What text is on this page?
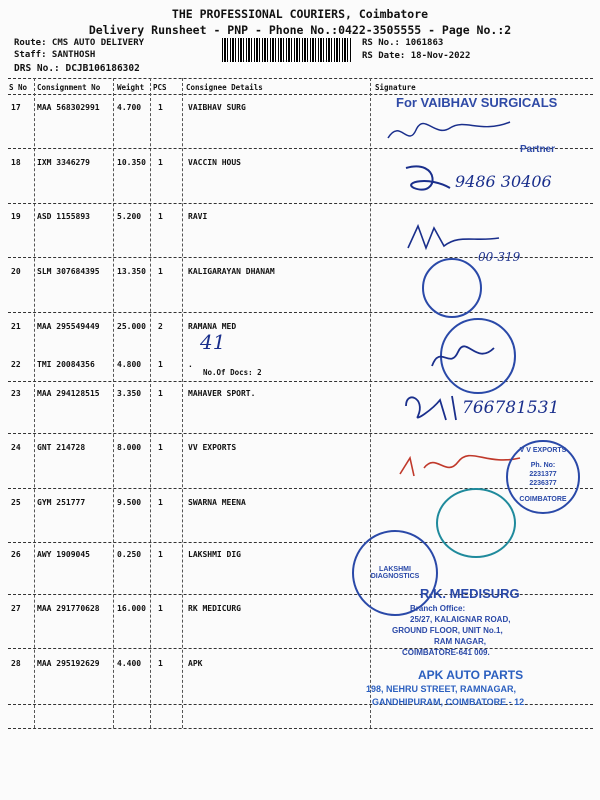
THE PROFESSIONAL COURIERS, Coimbatore
Delivery Runsheet - PNP - Phone No.:0422-3505555 - Page No.:2
Route: CMS AUTO DELIVERY
Staff: SANTHOSH
DRS No.: DCJB106186302
RS No.: 1061863
RS Date: 18-Nov-2022
S No Consignment No Weight PCS	Consignee Details	Signature
17 MAA 568302991 4.700 1	VAIBHAV SURG
18 IXM 3346279	10.350 1	VACCIN HOUS
19 ASD 1155893	5.200 1	RAVI
20 SLM 307684395 13.350 1	KALIGARAYAN DHANAM
21 MAA 295549449 25.000 2	RAMANA MED
22 TMI 20084356	4.800 1	.
No.Of Docs: 2
23 MAA 294128515 3.350 1	MAHAVER SPORT.
24 GNT 214728	8.000 1	VV EXPORTS
25 GYM 251777	9.500 1	SWARNA MEENA
26 AWY 1909045	0.250 1	LAKSHMI DIG
27 MAA 291770628 16.000 1	RK MEDICURG
28 MAA 295192629 4.400 1	APK
For VAIBHAV SURGICALS
Partner
9486 30406
00-319
41
766781531
V V EXPORTS
Ph. No:
2231377
2236377
COIMBATORE
LAKSHMI DIAGNOSTICS
R.K. MEDISURG
Branch Office:
25/27, KALAIGNAR ROAD,
GROUND FLOOR, UNIT No.1,
RAM NAGAR,
COIMBATORE-641 009.
APK AUTO PARTS
198, NEHRU STREET, RAMNAGAR,
GANDHIPURAM, COIMBATORE - 12
